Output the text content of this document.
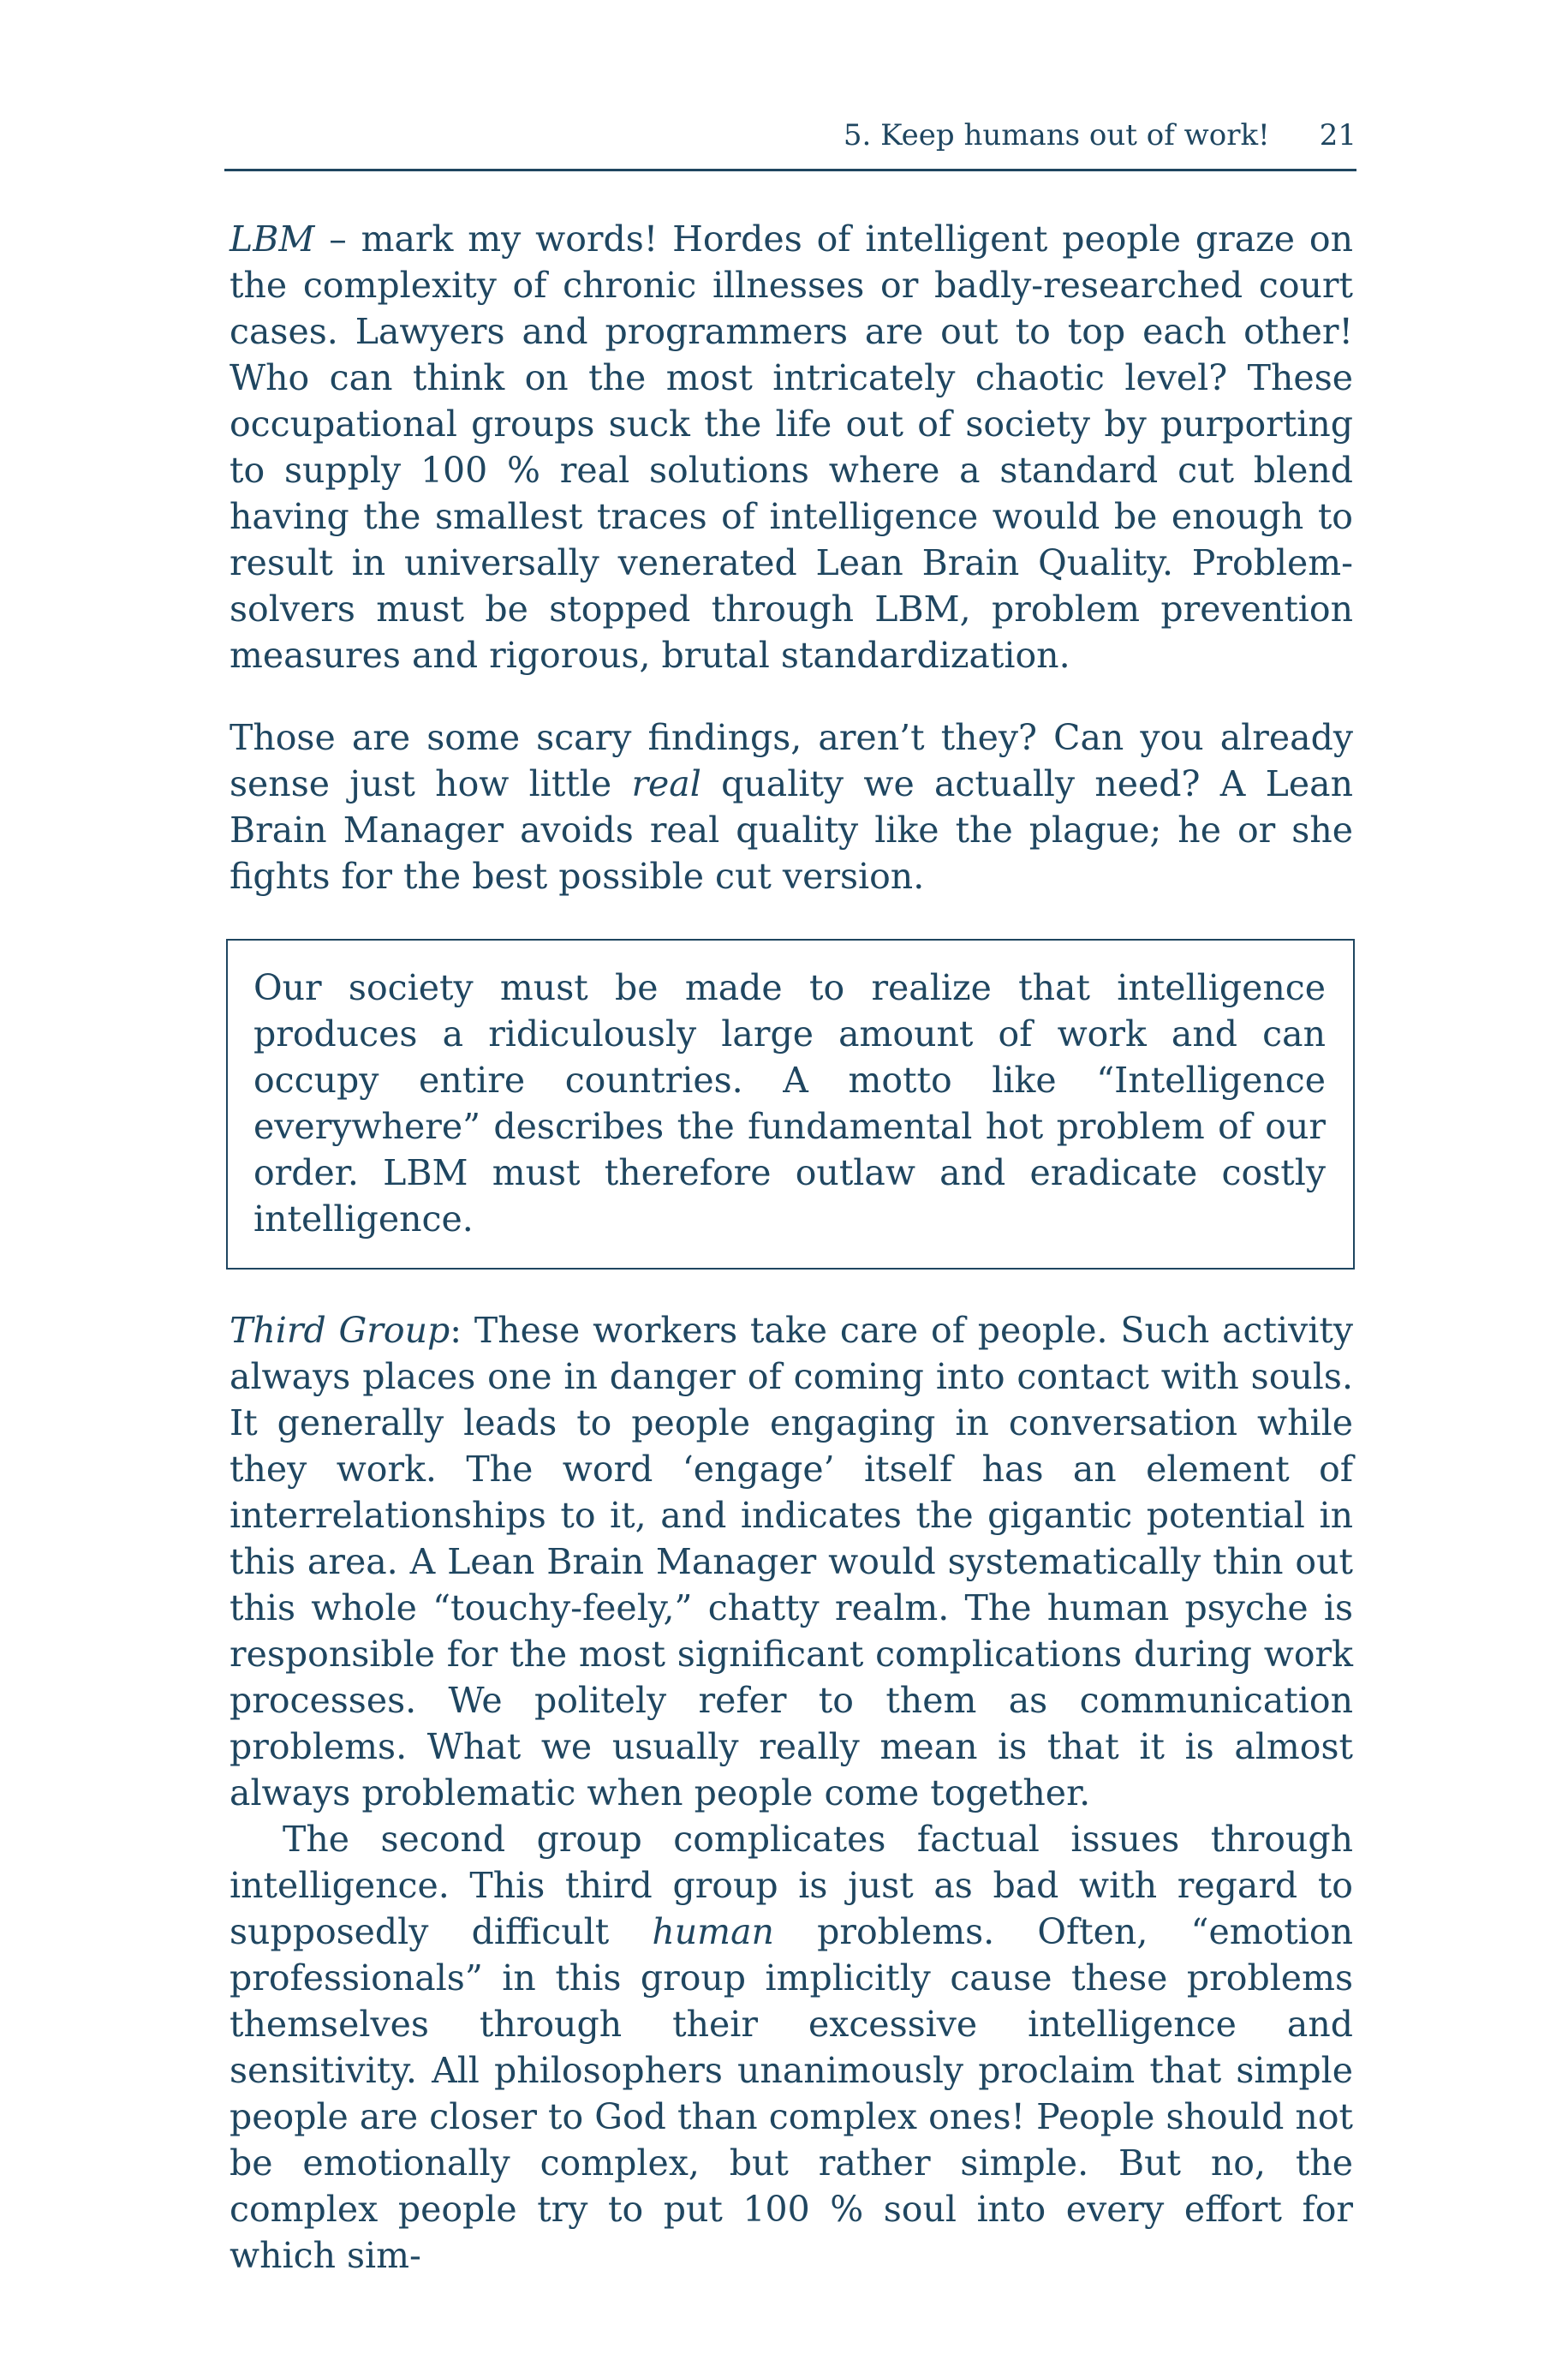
5. Keep humans out of work! 21

LBM – mark my words! Hordes of intelligent people graze on the complexity of chronic illnesses or badly-researched court cases. Lawyers and programmers are out to top each other! Who can think on the most intricately chaotic level? These occupational groups suck the life out of society by purporting to supply 100 % real solutions where a standard cut blend having the smallest traces of intelligence would be enough to result in universally venerated Lean Brain Quality. Problem-solvers must be stopped through LBM, problem prevention measures and rigorous, brutal standardization.

Those are some scary findings, aren’t they? Can you already sense just how little real quality we actually need? A Lean Brain Manager avoids real quality like the plague; he or she fights for the best possible cut version.

Our society must be made to realize that intelligence produces a ridiculously large amount of work and can occupy entire countries. A motto like “Intelligence everywhere” describes the fundamental hot problem of our order. LBM must therefore outlaw and eradicate costly intelligence.

Third Group: These workers take care of people. Such activity always places one in danger of coming into contact with souls. It generally leads to people engaging in conversation while they work. The word ‘engage’ itself has an element of interrelationships to it, and indicates the gigantic potential in this area. A Lean Brain Manager would systematically thin out this whole “touchy-feely,” chatty realm. The human psyche is responsible for the most significant complications during work processes. We politely refer to them as communication problems. What we usually really mean is that it is almost always problematic when people come together.

The second group complicates factual issues through intelligence. This third group is just as bad with regard to supposedly difficult human problems. Often, “emotion professionals” in this group implicitly cause these problems themselves through their excessive intelligence and sensitivity. All philosophers unanimously proclaim that simple people are closer to God than complex ones! People should not be emotionally complex, but rather simple. But no, the complex people try to put 100 % soul into every effort for which sim-
